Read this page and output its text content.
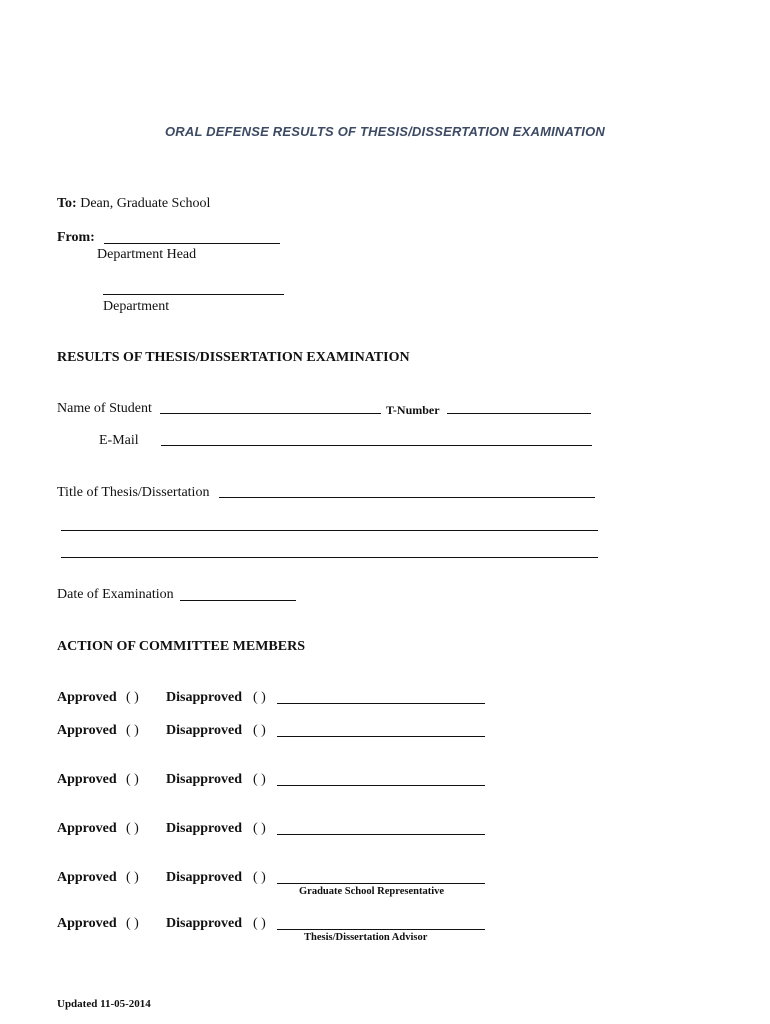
ORAL DEFENSE RESULTS OF THESIS/DISSERTATION EXAMINATION
To: Dean, Graduate School
From:
Department Head
Department
RESULTS OF THESIS/DISSERTATION EXAMINATION
Name of Student	T-Number
E-Mail
Title of Thesis/Dissertation
Date of Examination
ACTION OF COMMITTEE MEMBERS
Approved ( ) Disapproved ( )
Approved ( ) Disapproved ( )
Approved ( ) Disapproved ( )
Approved ( ) Disapproved ( )
Approved ( ) Disapproved ( )
Graduate School Representative
Approved ( ) Disapproved ( )
Thesis/Dissertation Advisor
Updated 11-05-2014
